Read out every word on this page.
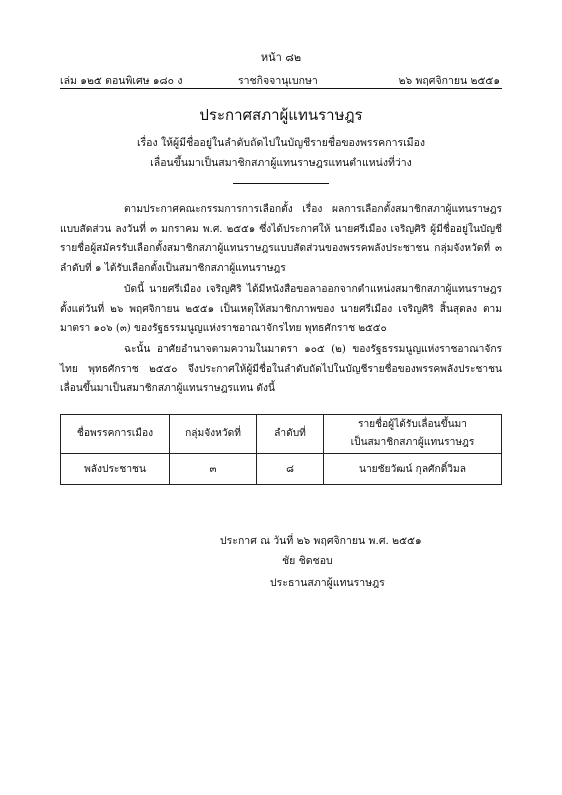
หน้า ๘๒
เล่ม ๑๒๕ ตอนพิเศษ ๑๘๐ ง	ราชกิจจานุเบกษา	๒๖ พฤศจิกายน ๒๕๕๑
ประกาศสภาผู้แทนราษฎร
เรื่อง ให้ผู้มีชื่ออยู่ในลำดับถัดไปในบัญชีรายชื่อของพรรคการเมือง
เลื่อนขึ้นมาเป็นสมาชิกสภาผู้แทนราษฎรแทนตำแหน่งที่ว่าง

ตามประกาศคณะกรรมการการเลือกตั้ง เรื่อง ผลการเลือกตั้งสมาชิกสภาผู้แทนราษฎรแบบสัดส่วน ลงวันที่ ๓ มกราคม พ.ศ. ๒๕๕๑ ซึ่งได้ประกาศให้ นายศรีเมือง เจริญศิริ ผู้มีชื่ออยู่ในบัญชีรายชื่อผู้สมัครรับเลือกตั้งสมาชิกสภาผู้แทนราษฎรแบบสัดส่วนของพรรคพลังประชาชน กลุ่มจังหวัดที่ ๓ ลำดับที่ ๑ ได้รับเลือกตั้งเป็นสมาชิกสภาผู้แทนราษฎร

บัดนี้ นายศรีเมือง เจริญศิริ ได้มีหนังสือขอลาออกจากตำแหน่งสมาชิกสภาผู้แทนราษฎร ตั้งแต่วันที่ ๒๖ พฤศจิกายน ๒๕๕๑ เป็นเหตุให้สมาชิกภาพของ นายศรีเมือง เจริญศิริ สิ้นสุดลง ตามมาตรา ๑๐๖ (๓) ของรัฐธรรมนูญแห่งราชอาณาจักรไทย พุทธศักราช ๒๕๕๐

ฉะนั้น อาศัยอำนาจตามความในมาตรา ๑๐๕ (๒) ของรัฐธรรมนูญแห่งราชอาณาจักรไทย พุทธศักราช ๒๕๕๐ จึงประกาศให้ผู้มีชื่อในลำดับถัดไปในบัญชีรายชื่อของพรรคพลังประชาชน เลื่อนขึ้นมาเป็นสมาชิกสภาผู้แทนราษฎรแทน ดังนี้

ชื่อพรรคการเมือง	กลุ่มจังหวัดที่	ลำดับที่	รายชื่อผู้ได้รับเลื่อนขึ้นมา
เป็นสมาชิกสภาผู้แทนราษฎร

พลังประชาชน	๓	๘	นายชัยวัฒน์ กุลศักดิ์วิมล
ประกาศ ณ วันที่ ๒๖ พฤศจิกายน พ.ศ. ๒๕๕๑
ชัย ชิดชอบ
ประธานสภาผู้แทนราษฎร
